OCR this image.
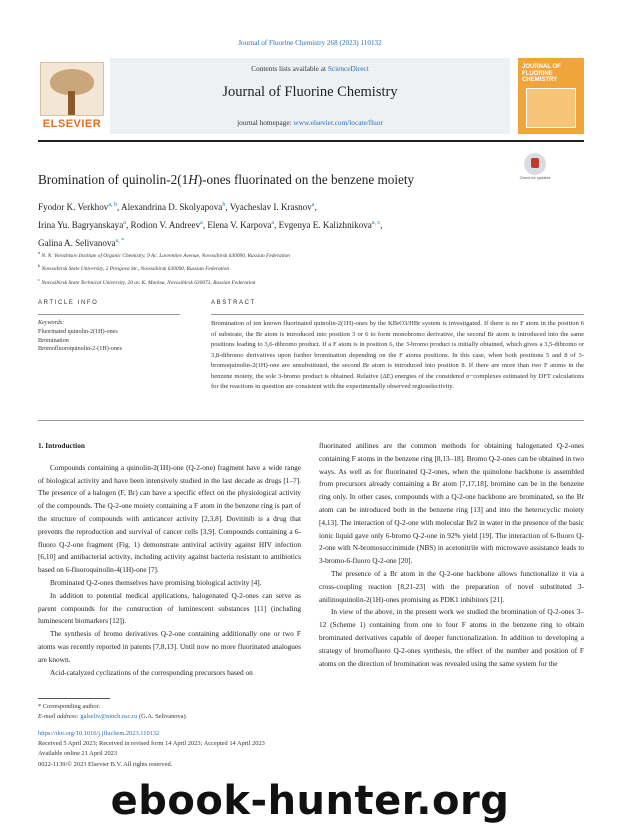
Journal of Fluorine Chemistry 268 (2023) 110132
ELSEVIER
Contents lists available at ScienceDirect
Journal of Fluorine Chemistry
journal homepage: www.elsevier.com/locate/fluor
JOURNAL OF FLUORINE CHEMISTRY
Bromination of quinolin-2(1H)-ones fluorinated on the benzene moiety	Check for updates
Fyodor K. Verkhov$^{a, b}$, Alexandrina D. Skolyapova$^b$, Vyacheslav I. Krasnov$^a$,
Irina Yu. Bagryanskaya$^a$, Rodion V. Andreev$^a$, Elena V. Karpova$^a$, Evgenya E. Kalizhnikova$^{a, c}$,
Galina A. Selivanova$^{a, *}$
$^a$ N. N. Vorozhtsov Institute of Organic Chemistry, 9 Ac. Lavrentiev Avenue, Novosibirsk 630090, Russian Federation
$^b$ Novosibirsk State University, 2 Pirogova Str., Novosibirsk 630090, Russian Federation
$^c$ Novosibirsk State Technical University, 20 av. K. Marksa, Novosibirsk 630073, Russian Federation
ARTICLE INFO	ABSTRACT
Keywords:
Fluorinated quinolin-2(1H)-ones
Bromination
Bromofluoroquinolin-2-(1H)-ones
Bromination of ten known fluorinated quinolin-2(1H)-ones by the KBrO3/HBr system is investigated. If there is no F atom in the position 6 of substrate, the Br atom is introduced into position 3 or 6 to form monobromo derivative, the second Br atom is introduced into the same positions leading to 3,6-dibromo product. If a F atom is in position 6, the 3-bromo product is initially obtained, which gives a 3,5-dibromo or 3,8-dibromo derivatives upon further bromination depending on the F atoms positions. In this case, when both positions 5 and 8 of 3-bromoquinolin-2(1H)-one are unsubstituted, the second Br atom is introduced into position 8. If there are more than two F atoms in the benzene moiety, the sole 3-bromo product is obtained. Relative (ΔE) energies of the considered σ−complexes estimated by DFT calculations for the reactions in question are consistent with the experimentally observed regioselectivity.

1. Introduction

Compounds containing a quinolin-2(1H)-one (Q-2-one) fragment have a wide range of biological activity and have been intensively studied in the last decade as drugs [1–7]. The presence of a halogen (F, Br) can have a specific effect on the physiological activity of the compounds. The Q-2-one moiety containing a F atom in the benzene ring is part of the structure of compounds with anticancer activity [2,3,8]. Dovitinib is a drug that prevents the reproduction and survival of cancer cells [3,9]. Compounds containing a 6-fluoro Q-2-one fragment (Fig. 1) demonstrate antiviral activity against HIV infection [6,10] and antibacterial activity, including activity against bacteria resistant to antibiotics based on 6-fluoroquinolin-4(1H)-one [7].

Brominated Q-2-ones themselves have promising biological activity [4].

In addition to potential medical applications, halogenated Q-2-ones can serve as parent compounds for the construction of luminescent substances [11] (including luminescent biomarkers [12]).

The synthesis of bromo derivatives Q-2-one containing additionally one or two F atoms was recently reported in patents [7,8,13]. Until now no more fluorinated analogues are known.

Acid-catalyzed cyclizations of the corresponding precursors based on

fluorinated anilines are the common methods for obtaining halogenated Q-2-ones containing F atoms in the benzene ring [8,13–18]. Bromo Q-2-ones can be obtained in two ways. As well as for fluorinated Q-2-ones, when the quinolone backbone is assembled from precursors already containing a Br atom [7,17,18], bromine can be in the benzene ring only. In other cases, compounds with a Q-2-one backbone are brominated, so the Br atom can be introduced both in the benzene ring [13] and into the heterocyclic moiety [4,13]. The interaction of Q-2-one with molecular Br2 in water in the presence of the basic ionic liquid gave only 6-bromo Q-2-one in 92% yield [19]. The interaction of 6-fluoro Q-2-one with N-bromosuccinimide (NBS) in acetonitrile with microwave assistance leads to 3-bromo-6-fluoro Q-2-one [20].

The presence of a Br atom in the Q-2-one backbone allows functionalize it via a cross-coupling reaction [8,21-23] with the preparation of novel substituted 3-anilinoquinolin-2(1H)-ones promising as PDK1 inhibitors [21].

In view of the above, in the present work we studied the bromination of Q-2-ones 3–12 (Scheme 1) containing from one to four F atoms in the benzene ring to obtain brominated derivatives capable of deeper functionalization. In addition to developing a strategy of bromofluoro Q-2-ones synthesis, the effect of the number and position of F atoms on the direction of bromination was revealed using the same system for the

* Corresponding author.
E-mail address: galseliv@nioch.nsc.ru (G.A. Selivanova).
https://doi.org/10.1016/j.jfluchem.2023.110132
Received 5 April 2023; Received in revised form 14 April 2023; Accepted 14 April 2023
Available online 21 April 2023
0022-1139/© 2023 Elsevier B.V. All rights reserved.
ebook-hunter.org
